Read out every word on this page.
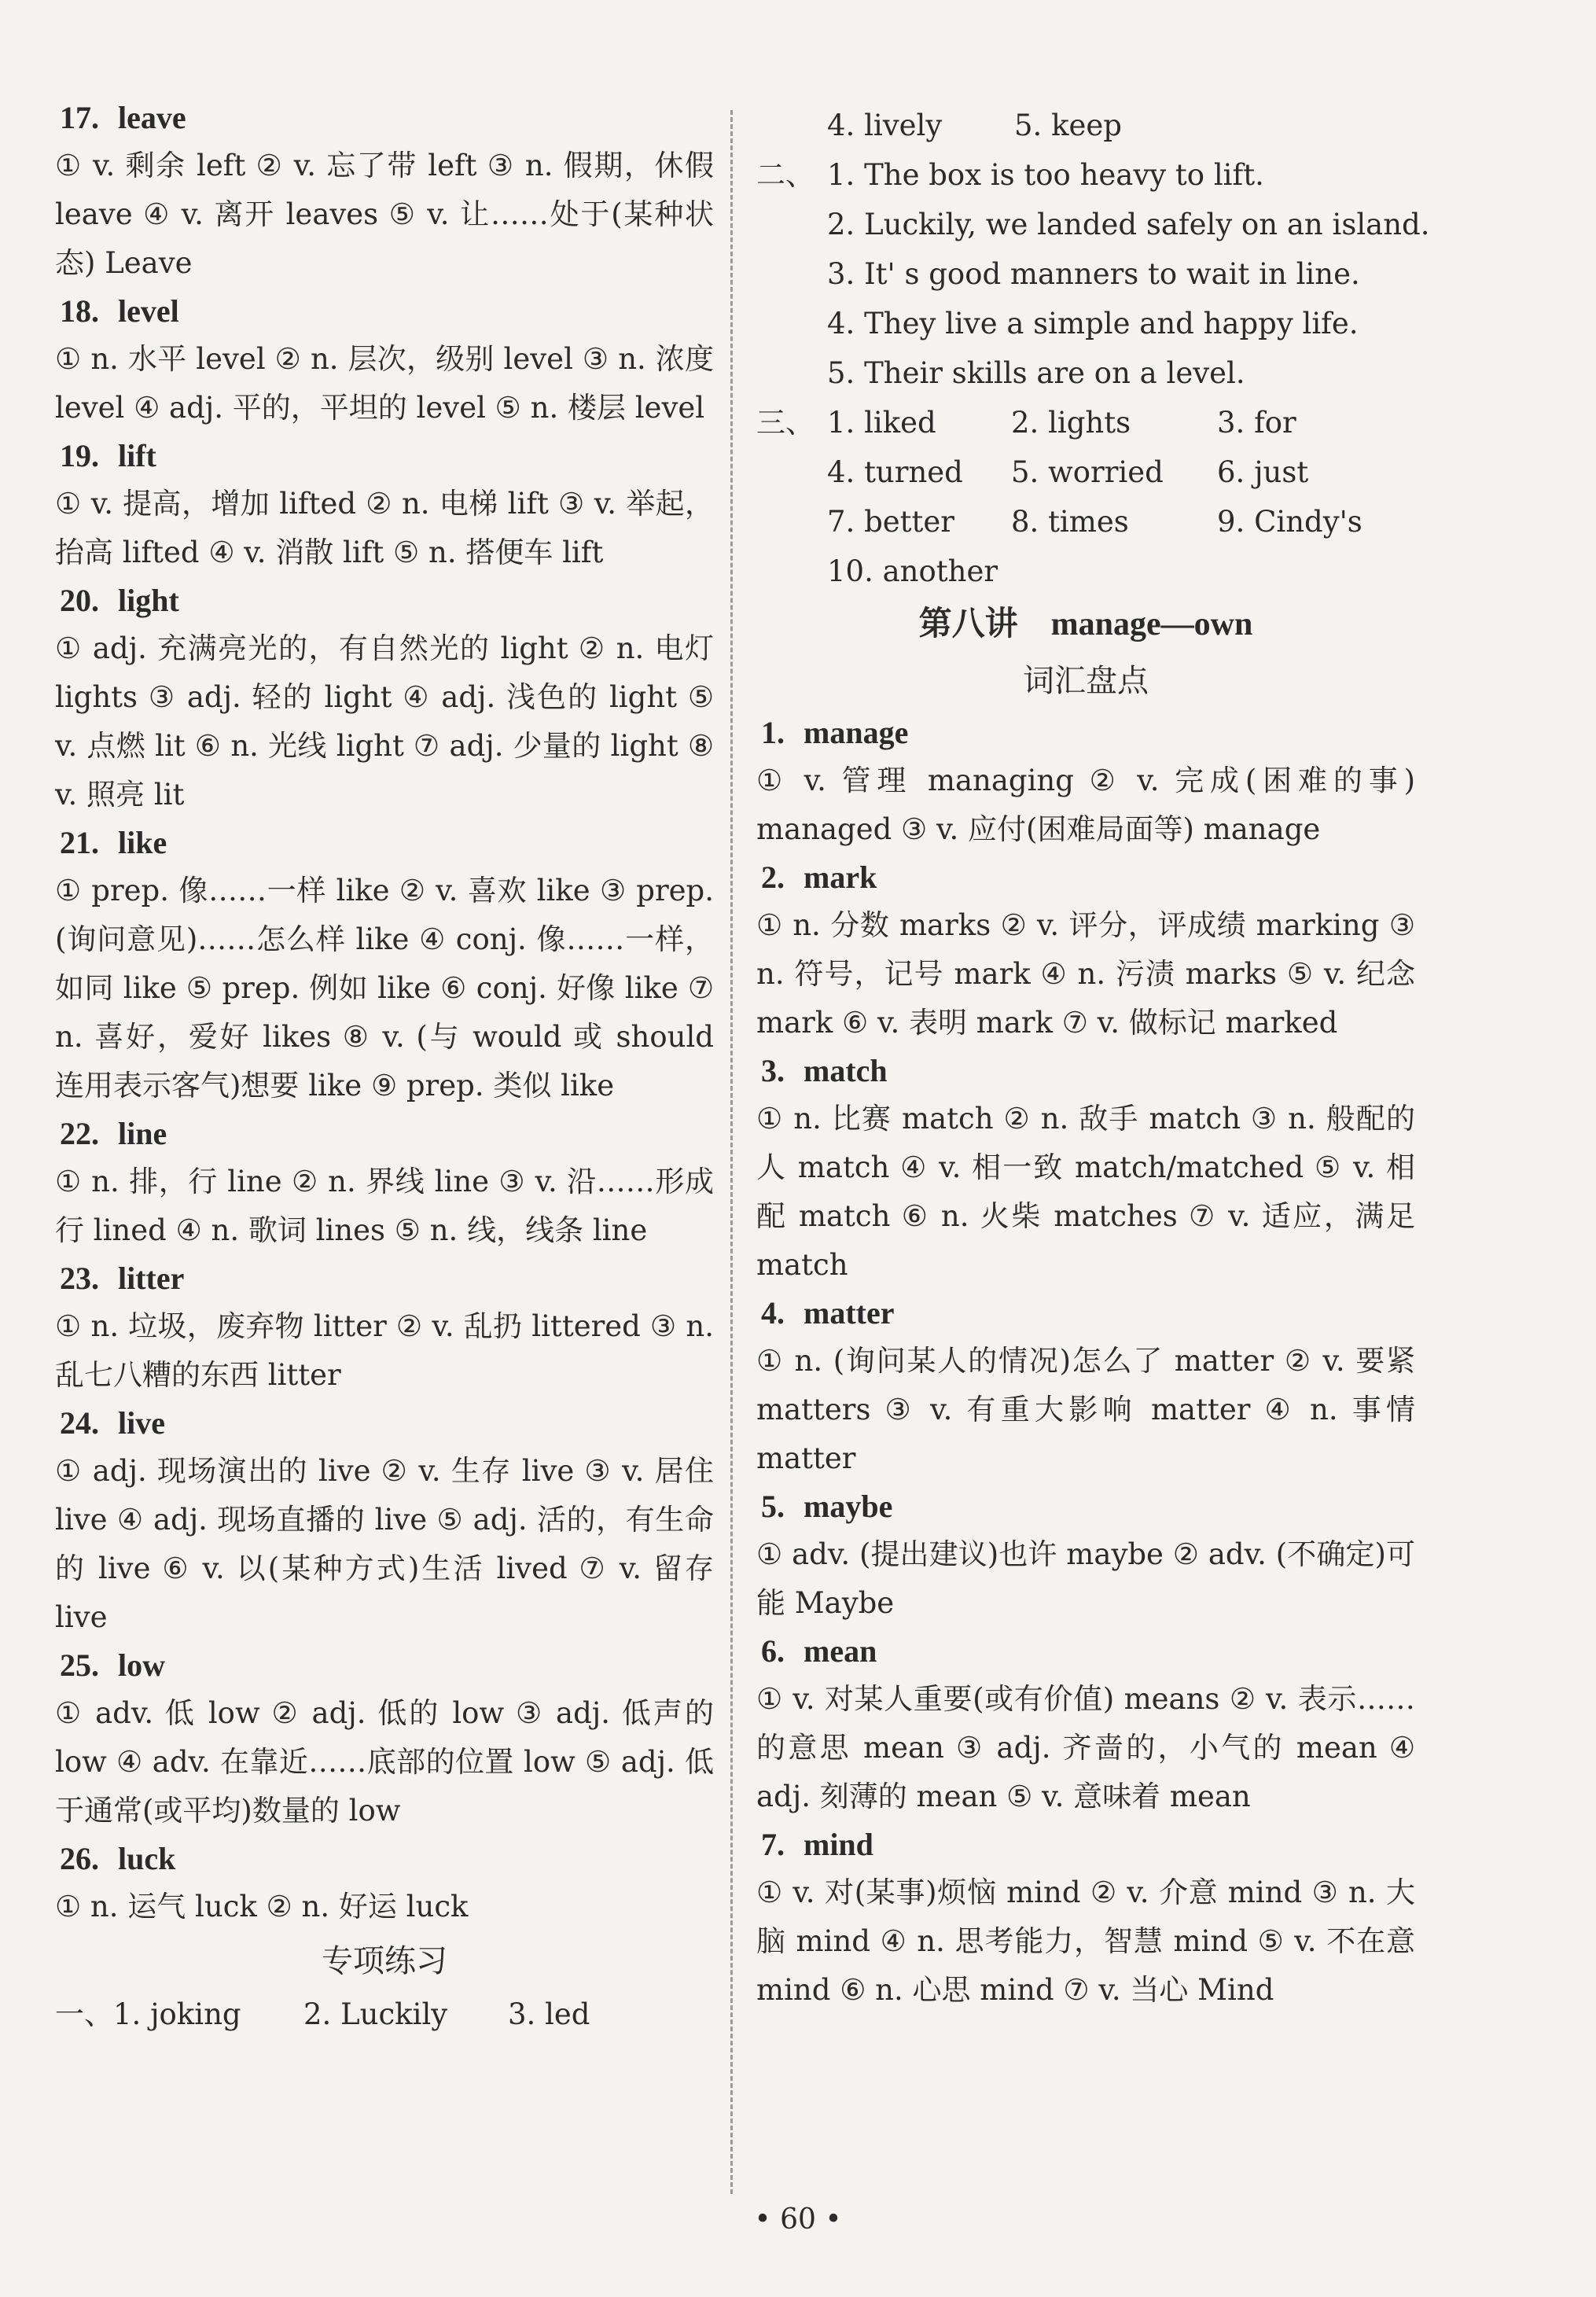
17. leave
① v. 剩余 left ② v. 忘了带 left ③ n. 假期，休假 leave ④ v. 离开 leaves ⑤ v. 让……处于(某种状态) Leave
18. level
① n. 水平 level ② n. 层次，级别 level ③ n. 浓度 level ④ adj. 平的，平坦的 level ⑤ n. 楼层 level
19. lift
① v. 提高，增加 lifted ② n. 电梯 lift ③ v. 举起，抬高 lifted ④ v. 消散 lift ⑤ n. 搭便车 lift
20. light
① adj. 充满亮光的，有自然光的 light ② n. 电灯 lights ③ adj. 轻的 light ④ adj. 浅色的 light ⑤ v. 点燃 lit ⑥ n. 光线 light ⑦ adj. 少量的 light ⑧ v. 照亮 lit
21. like
① prep. 像……一样 like ② v. 喜欢 like ③ prep. (询问意见)……怎么样 like ④ conj. 像……一样，如同 like ⑤ prep. 例如 like ⑥ conj. 好像 like ⑦ n. 喜好，爱好 likes ⑧ v. (与 would 或 should 连用表示客气)想要 like ⑨ prep. 类似 like
22. line
① n. 排，行 line ② n. 界线 line ③ v. 沿……形成行 lined ④ n. 歌词 lines ⑤ n. 线，线条 line
23. litter
① n. 垃圾，废弃物 litter ② v. 乱扔 littered ③ n. 乱七八糟的东西 litter
24. live
① adj. 现场演出的 live ② v. 生存 live ③ v. 居住 live ④ adj. 现场直播的 live ⑤ adj. 活的，有生命的 live ⑥ v. 以(某种方式)生活 lived ⑦ v. 留存 live
25. low
① adv. 低 low ② adj. 低的 low ③ adj. 低声的 low ④ adv. 在靠近……底部的位置 low ⑤ adj. 低于通常(或平均)数量的 low
26. luck
① n. 运气 luck ② n. 好运 luck
专项练习
一、 1. joking 2. Luckily 3. led
4. lively 5. keep
二、 1. The box is too heavy to lift.
2. Luckily, we landed safely on an island.
3. It' s good manners to wait in line.
4. They live a simple and happy life.
5. Their skills are on a level.
三、 1. liked	2. lights	3. for
4. turned 5. worried 6. just
7. better 8. times	9. Cindy's
10. another
第八讲    manage—own
词汇盘点
1. manage
① v. 管理 managing ② v. 完成(困难的事) managed ③ v. 应付(困难局面等) manage
2. mark
① n. 分数 marks ② v. 评分，评成绩 marking ③ n. 符号，记号 mark ④ n. 污渍 marks ⑤ v. 纪念 mark ⑥ v. 表明 mark ⑦ v. 做标记 marked
3. match
① n. 比赛 match ② n. 敌手 match ③ n. 般配的人 match ④ v. 相一致 match/matched ⑤ v. 相配 match ⑥ n. 火柴 matches ⑦ v. 适应，满足 match
4. matter
① n. (询问某人的情况)怎么了 matter ② v. 要紧 matters ③ v. 有重大影响 matter ④ n. 事情 matter
5. maybe
① adv. (提出建议)也许 maybe ② adv. (不确定)可能 Maybe
6. mean
① v. 对某人重要(或有价值) means ② v. 表示……的意思 mean ③ adj. 齐啬的，小气的 mean ④ adj. 刻薄的 mean ⑤ v. 意味着 mean
7. mind
① v. 对(某事)烦恼 mind ② v. 介意 mind ③ n. 大脑 mind ④ n. 思考能力，智慧 mind ⑤ v. 不在意 mind ⑥ n. 心思 mind ⑦ v. 当心 Mind
• 60 •
